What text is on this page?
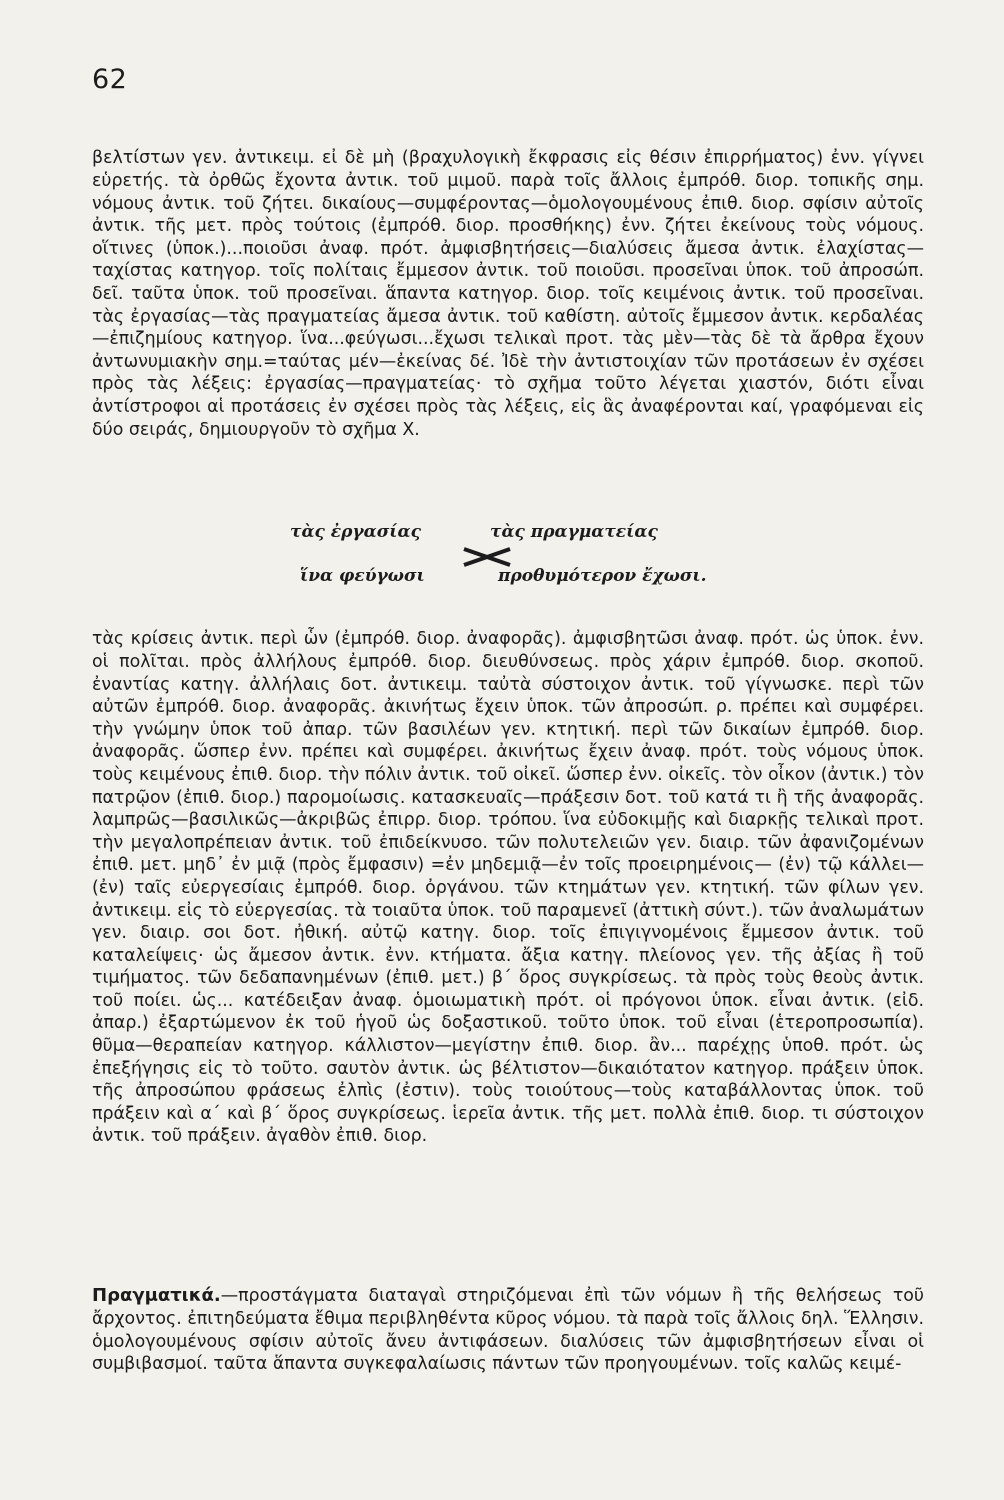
62

βελτίστων γεν. ἀντικειμ. εἰ δὲ μὴ (βραχυλογικὴ ἔκφρασις εἰς θέσιν ἐπιρρήματος) ἐνν. γίγνει εὑρετής. τὰ ὀρθῶς ἔχοντα ἀντικ. τοῦ μιμοῦ. παρὰ τοῖς ἄλλοις ἐμπρόθ. διορ. τοπικῆς σημ. νόμους ἀντικ. τοῦ ζήτει. δικαίους—συμφέροντας—ὁμολογουμένους ἐπιθ. διορ. σφίσιν αὐτοῖς ἀντικ. τῆς μετ. πρὸς τούτοις (ἐμπρόθ. διορ. προσθήκης) ἐνν. ζήτει ἐκείνους τοὺς νόμους. οἵτινες (ὑποκ.)...ποιοῦσι ἀναφ. πρότ. ἀμφισβητήσεις—διαλύσεις ἄμεσα ἀντικ. ἐλαχίστας—ταχίστας κατηγορ. τοῖς πολίταις ἔμμεσον ἀντικ. τοῦ ποιοῦσι. προσεῖναι ὑποκ. τοῦ ἀπροσώπ. δεῖ. ταῦτα ὑποκ. τοῦ προσεῖναι. ἅπαντα κατηγορ. διορ. τοῖς κειμένοις ἀντικ. τοῦ προσεῖναι. τὰς ἐργασίας—τὰς πραγματείας ἄμεσα ἀντικ. τοῦ καθίστη. αὐτοῖς ἔμμεσον ἀντικ. κερδαλέας—ἐπιζημίους κατηγορ. ἵνα...φεύγωσι...ἔχωσι τελικαὶ προτ. τὰς μὲν—τὰς δὲ τὰ ἄρθρα ἔχουν ἀντωνυμιακὴν σημ.=ταύτας μέν—ἐκείνας δέ. Ἰδὲ τὴν ἀντιστοιχίαν τῶν προτάσεων ἐν σχέσει πρὸς τὰς λέξεις: ἐργασίας—πραγματείας· τὸ σχῆμα τοῦτο λέγεται χιαστόν, διότι εἶναι ἀντίστροφοι αἱ προτάσεις ἐν σχέσει πρὸς τὰς λέξεις, εἰς ἃς ἀναφέρονται καί, γραφόμεναι εἰς δύο σειράς, δημιουργοῦν τὸ σχῆμα Χ.

τὰς ἐργασίας	τὰς πραγματείας
ἵνα φεύγωσι	προθυμότερον ἔχωσι.

τὰς κρίσεις ἀντικ. περὶ ὧν (ἐμπρόθ. διορ. ἀναφορᾶς). ἀμφισβητῶσι ἀναφ. πρότ. ὡς ὑποκ. ἐνν. οἱ πολῖται. πρὸς ἀλλήλους ἐμπρόθ. διορ. διευθύνσεως. πρὸς χάριν ἐμπρόθ. διορ. σκοποῦ. ἐναντίας κατηγ. ἀλλήλαις δοτ. ἀντικειμ. ταὐτὰ σύστοιχον ἀντικ. τοῦ γίγνωσκε. περὶ τῶν αὐτῶν ἐμπρόθ. διορ. ἀναφορᾶς. ἀκινήτως ἔχειν ὑποκ. τῶν ἀπροσώπ. ρ. πρέπει καὶ συμφέρει. τὴν γνώμην ὑποκ τοῦ ἀπαρ. τῶν βασιλέων γεν. κτητική. περὶ τῶν δικαίων ἐμπρόθ. διορ. ἀναφορᾶς. ὥσπερ ἐνν. πρέπει καὶ συμφέρει. ἀκινήτως ἔχειν ἀναφ. πρότ. τοὺς νόμους ὑποκ. τοὺς κειμένους ἐπιθ. διορ. τὴν πόλιν ἀντικ. τοῦ οἰκεῖ. ὥσπερ ἐνν. οἰκεῖς. τὸν οἶκον (ἀντικ.) τὸν πατρῷον (ἐπιθ. διορ.) παρομοίωσις. κατασκευαῖς—πράξεσιν δοτ. τοῦ κατά τι ἢ τῆς ἀναφορᾶς. λαμπρῶς—βασιλικῶς—ἀκριβῶς ἐπιρρ. διορ. τρόπου. ἵνα εὐδοκιμῇς καὶ διαρκῇς τελικαὶ προτ. τὴν μεγαλοπρέπειαν ἀντικ. τοῦ ἐπιδείκνυσο. τῶν πολυτελειῶν γεν. διαιρ. τῶν ἀφανιζομένων ἐπιθ. μετ. μηδ᾽ ἐν μιᾷ (πρὸς ἔμφασιν) =ἐν μηδεμιᾷ—ἐν τοῖς προειρημένοις— (ἐν) τῷ κάλλει— (ἐν) ταῖς εὐεργεσίαις ἐμπρόθ. διορ. ὀργάνου. τῶν κτημάτων γεν. κτητική. τῶν φίλων γεν. ἀντικειμ. εἰς τὸ εὐεργεσίας. τὰ τοιαῦτα ὑποκ. τοῦ παραμενεῖ (ἀττικὴ σύντ.). τῶν ἀναλωμάτων γεν. διαιρ. σοι δοτ. ἠθική. αὐτῷ κατηγ. διορ. τοῖς ἐπιγιγνομένοις ἔμμεσον ἀντικ. τοῦ καταλείψεις· ὡς ἄμεσον ἀντικ. ἐνν. κτήματα. ἄξια κατηγ. πλείονος γεν. τῆς ἀξίας ἢ τοῦ τιμήματος. τῶν δεδαπανημένων (ἐπιθ. μετ.) β΄ ὅρος συγκρίσεως. τὰ πρὸς τοὺς θεοὺς ἀντικ. τοῦ ποίει. ὡς... κατέδειξαν ἀναφ. ὁμοιωματικὴ πρότ. οἱ πρόγονοι ὑποκ. εἶναι ἀντικ. (εἰδ. ἀπαρ.) ἐξαρτώμενον ἐκ τοῦ ἡγοῦ ὡς δοξαστικοῦ. τοῦτο ὑποκ. τοῦ εἶναι (ἑτεροπροσωπία). θῦμα—θεραπείαν κατηγορ. κάλλιστον—μεγίστην ἐπιθ. διορ. ἂν... παρέχῃς ὑποθ. πρότ. ὡς ἐπεξήγησις εἰς τὸ τοῦτο. σαυτὸν ἀντικ. ὡς βέλτιστον—δικαιότατον κατηγορ. πράξειν ὑποκ. τῆς ἀπροσώπου φράσεως ἐλπὶς (ἐστιν). τοὺς τοιούτους—τοὺς καταβάλλοντας ὑποκ. τοῦ πράξειν καὶ α΄ καὶ β΄ ὅρος συγκρίσεως. ἱερεῖα ἀντικ. τῆς μετ. πολλὰ ἐπιθ. διορ. τι σύστοιχον ἀντικ. τοῦ πράξειν. ἀγαθὸν ἐπιθ. διορ.

Πραγματικά.—προστάγματα διαταγαὶ στηριζόμεναι ἐπὶ τῶν νόμων ἢ τῆς θελήσεως τοῦ ἄρχοντος. ἐπιτηδεύματα ἔθιμα περιβληθέντα κῦρος νόμου. τὰ παρὰ τοῖς ἄλλοις δηλ. Ἕλλησιν. ὁμολογουμένους σφίσιν αὐτοῖς ἄνευ ἀντιφάσεων. διαλύσεις τῶν ἀμφισβητήσεων εἶναι οἱ συμβιβασμοί. ταῦτα ἅπαντα συγκεφαλαίωσις πάντων τῶν προηγουμένων. τοῖς καλῶς κειμέ-
